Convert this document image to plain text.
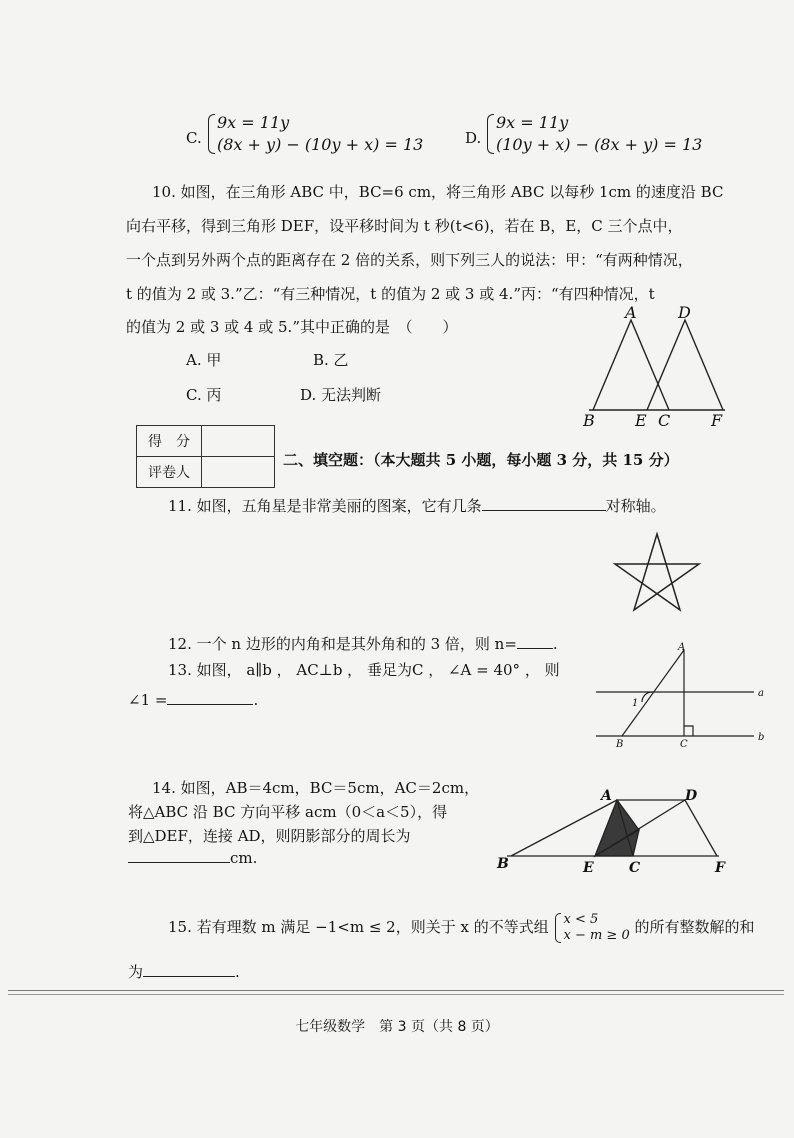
C.
9x = 11y
(8x + y) − (10y + x) = 13	D.
9x = 11y
(10y + x) − (8x + y) = 13
10. 如图，在三角形 ABC 中，BC=6 cm，将三角形 ABC 以每秒 1cm 的速度沿 BC
向右平移，得到三角形 DEF，设平移时间为 t 秒(t<6)，若在 B，E，C 三个点中，
一个点到另外两个点的距离存在 2 倍的关系，则下列三人的说法：甲：“有两种情况，
t 的值为 2 或 3.”乙：“有三种情况，t 的值为 2 或 3 或 4.”丙：“有四种情况，t
的值为 2 或 3 或 4 或 5.”其中正确的是　（　　）
A. 甲	B. 乙
C. 丙	D. 无法判断
A	D
B	E C	F
得　分	
评卷人	
二、填空题：（本大题共 5 小题，每小题 3 分，共 15 分）
11. 如图，五角星是非常美丽的图案，它有几条	对称轴。
12. 一个 n 边形的内角和是其外角和的 3 倍，则 n= .
13. 如图， a∥b ， AC⊥b ， 垂足为C ， ∠A = 40° ， 则
∠1 =	.
A
a
b
1
B	C
14. 如图，AB＝4cm，BC＝5cm，AC＝2cm，
将△ABC 沿 BC 方向平移 acm（0＜a＜5），得
到△DEF，连接 AD，则阴影部分的周长为
cm.
A	D
B	E	C	F
15. 若有理数 m 满足 −1<m ≤ 2，则关于 x 的不等式组 x < 5
x − m ≥ 0 的所有整数解的和
为	.
七年级数学　第 3 页（共 8 页）
